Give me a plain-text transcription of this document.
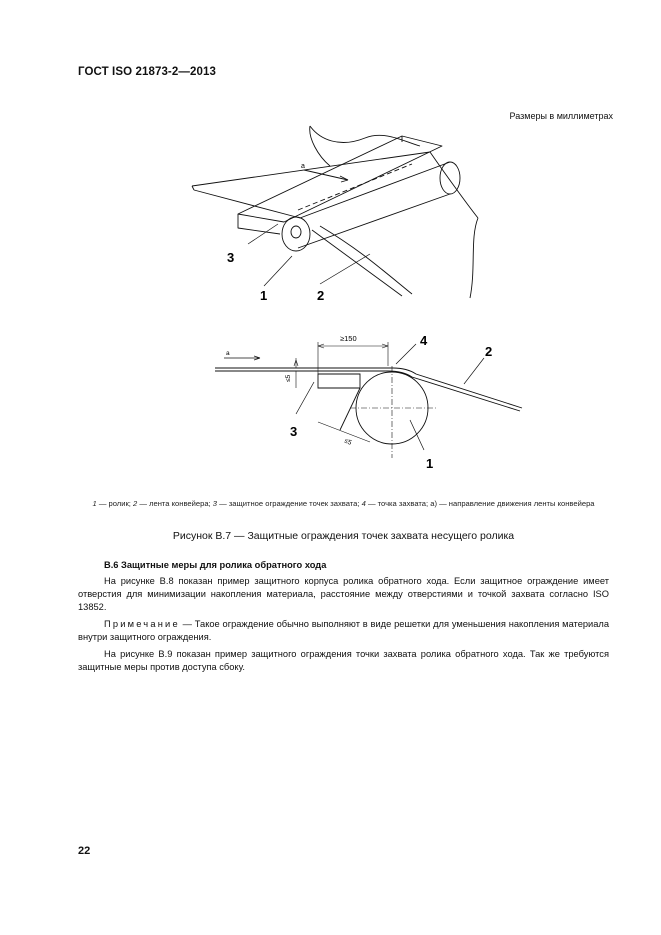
ГОСТ ISO 21873-2—2013
Размеры в миллиметрах
a
3
1	2
a
≥150
≤5
≤5
4
2
3
1
1 — ролик; 2 — лента конвейера; 3 — защитное ограждение точек захвата; 4 — точка захвата; а) — направление движения ленты конвейера
Рисунок В.7 — Защитные ограждения точек захвата несущего ролика
В.6 Защитные меры для ролика обратного хода
На рисунке В.8 показан пример защитного корпуса ролика обратного хода. Если защитное ограждение имеет отверстия для минимизации накопления материала, расстояние между отверстиями и точкой захвата согласно ISO 13852.
Примечание — Такое ограждение обычно выполняют в виде решетки для уменьшения накопления материала внутри защитного ограждения.
На рисунке В.9 показан пример защитного ограждения точки захвата ролика обратного хода. Так же требуются защитные меры против доступа сбоку.
22
